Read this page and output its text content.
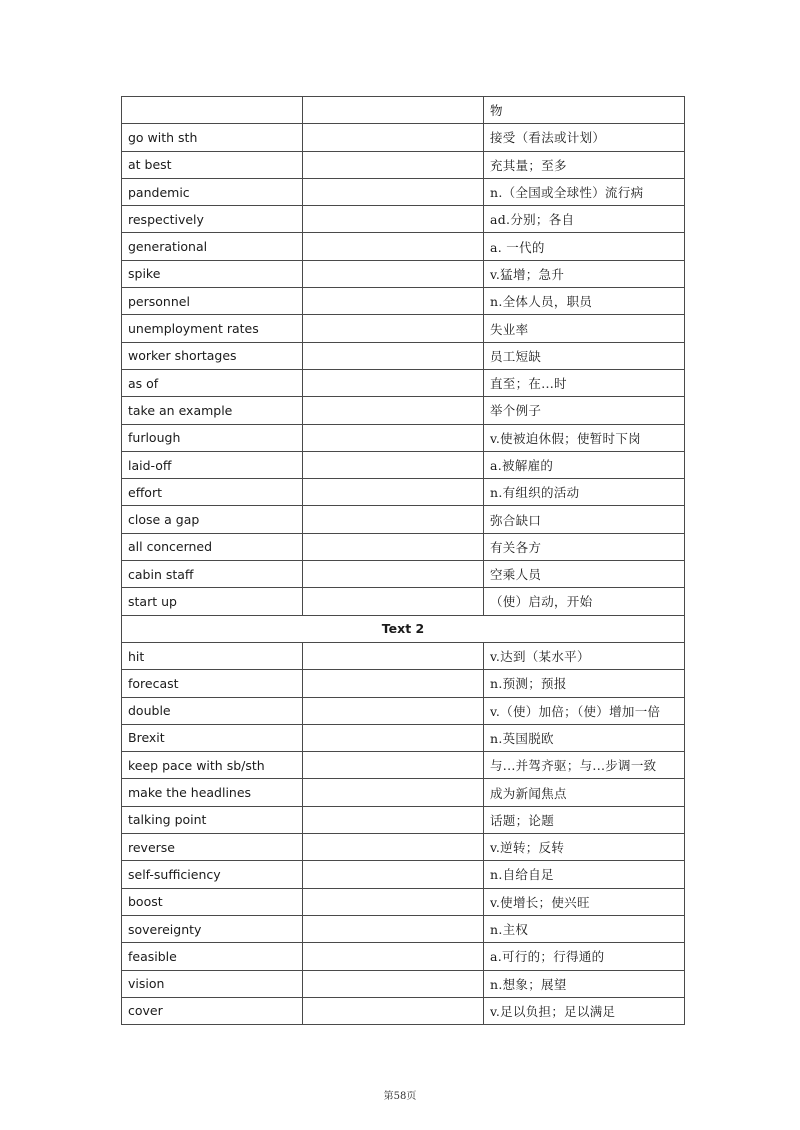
		物
go with sth		接受（看法或计划）
at best		充其量；至多
pandemic		n.（全国或全球性）流行病
respectively		ad.分别；各自
generational		a. 一代的
spike		v.猛增；急升
personnel		n.全体人员，职员
unemployment rates		失业率
worker shortages		员工短缺
as of		直至；在...时
take an example		举个例子
furlough		v.使被迫休假；使暂时下岗
laid-off		a.被解雇的
effort		n.有组织的活动
close a gap		弥合缺口
all concerned		有关各方
cabin staff		空乘人员
start up		（使）启动，开始
Text 2		
hit		v.达到（某水平）
forecast		n.预测；预报
double		v.（使）加倍；（使）增加一倍
Brexit		n.英国脱欧
keep pace with sb/sth		与...并驾齐驱；与...步调一致
make the headlines		成为新闻焦点
talking point		话题；论题
reverse		v.逆转；反转
self-sufficiency		n.自给自足
boost		v.使增长；使兴旺
sovereignty		n.主权
feasible		a.可行的；行得通的
vision		n.想象；展望
cover		v.足以负担；足以满足
第58页
